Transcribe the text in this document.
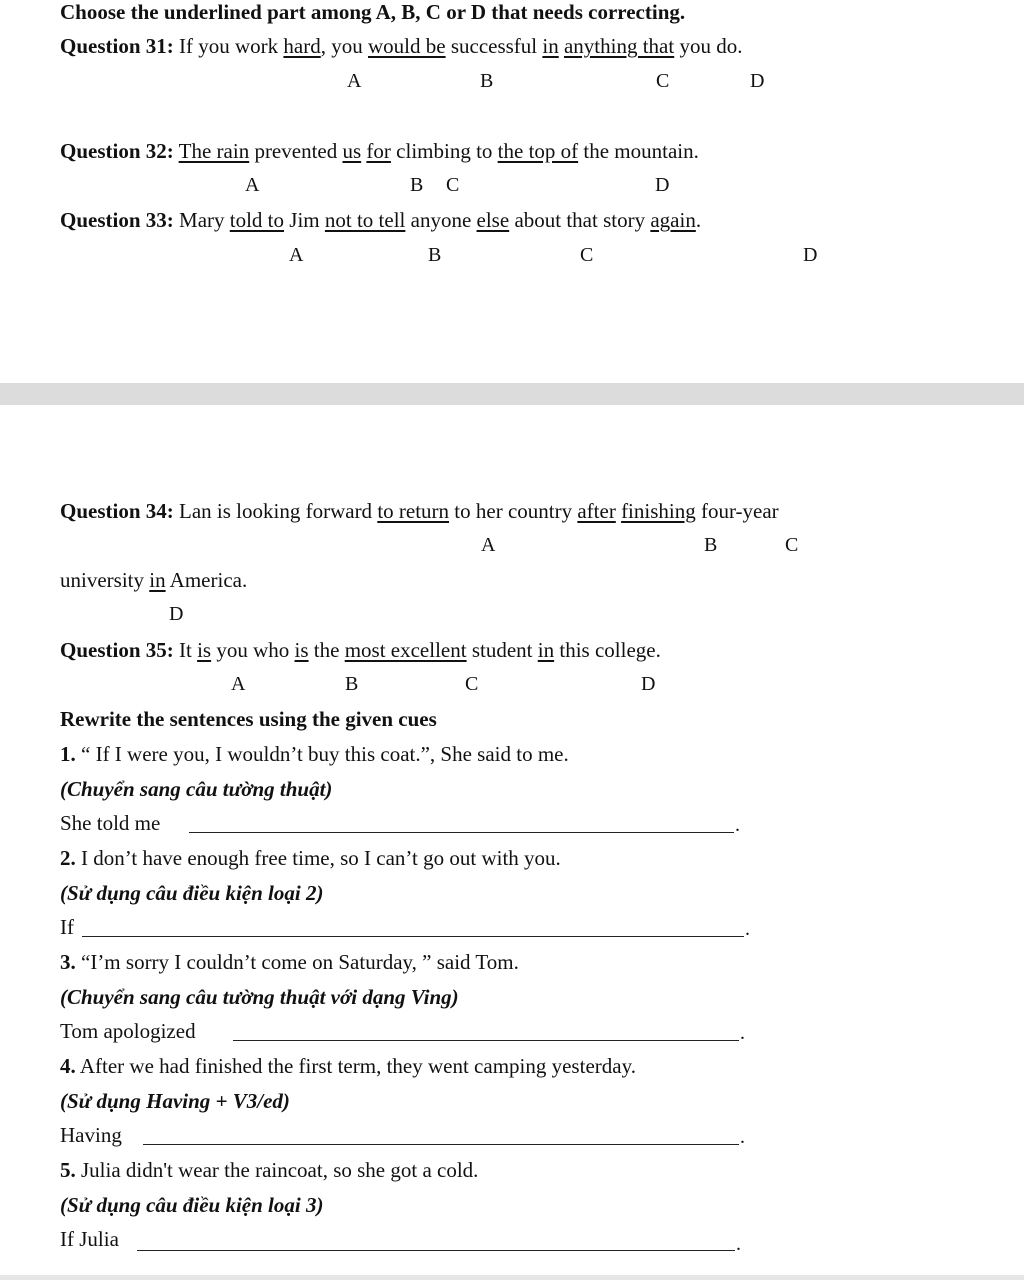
Choose the underlined part among A, B, C or D that needs correcting.
Question 31: If you work hard, you would be successful in anything that you do.
A	B	C	D
Question 32: The rain prevented us for climbing to the top of the mountain.
A	B C	D
Question 33: Mary told to Jim not to tell anyone else about that story again.
A	B	C	D
Question 34: Lan is looking forward to return to her country after finishing four-year
A	B	C
university in America.
D
Question 35: It is you who is the most excellent student in this college.
A	B	C	D
Rewrite the sentences using the given cues
1. “ If I were you, I wouldn’t buy this coat.”, She said to me.
(Chuyển sang câu tường thuật)
She told me	.
2. I don’t have enough free time, so I can’t go out with you.
(Sử dụng câu điều kiện loại 2)
If	.
3. “I’m sorry I couldn’t come on Saturday, ” said Tom.
(Chuyển sang câu tường thuật với dạng Ving)
Tom apologized	.
4. After we had finished the first term, they went camping yesterday.
(Sử dụng Having + V3/ed)
Having	.
5. Julia didn't wear the raincoat, so she got a cold.
(Sử dụng câu điều kiện loại 3)
If Julia	.
